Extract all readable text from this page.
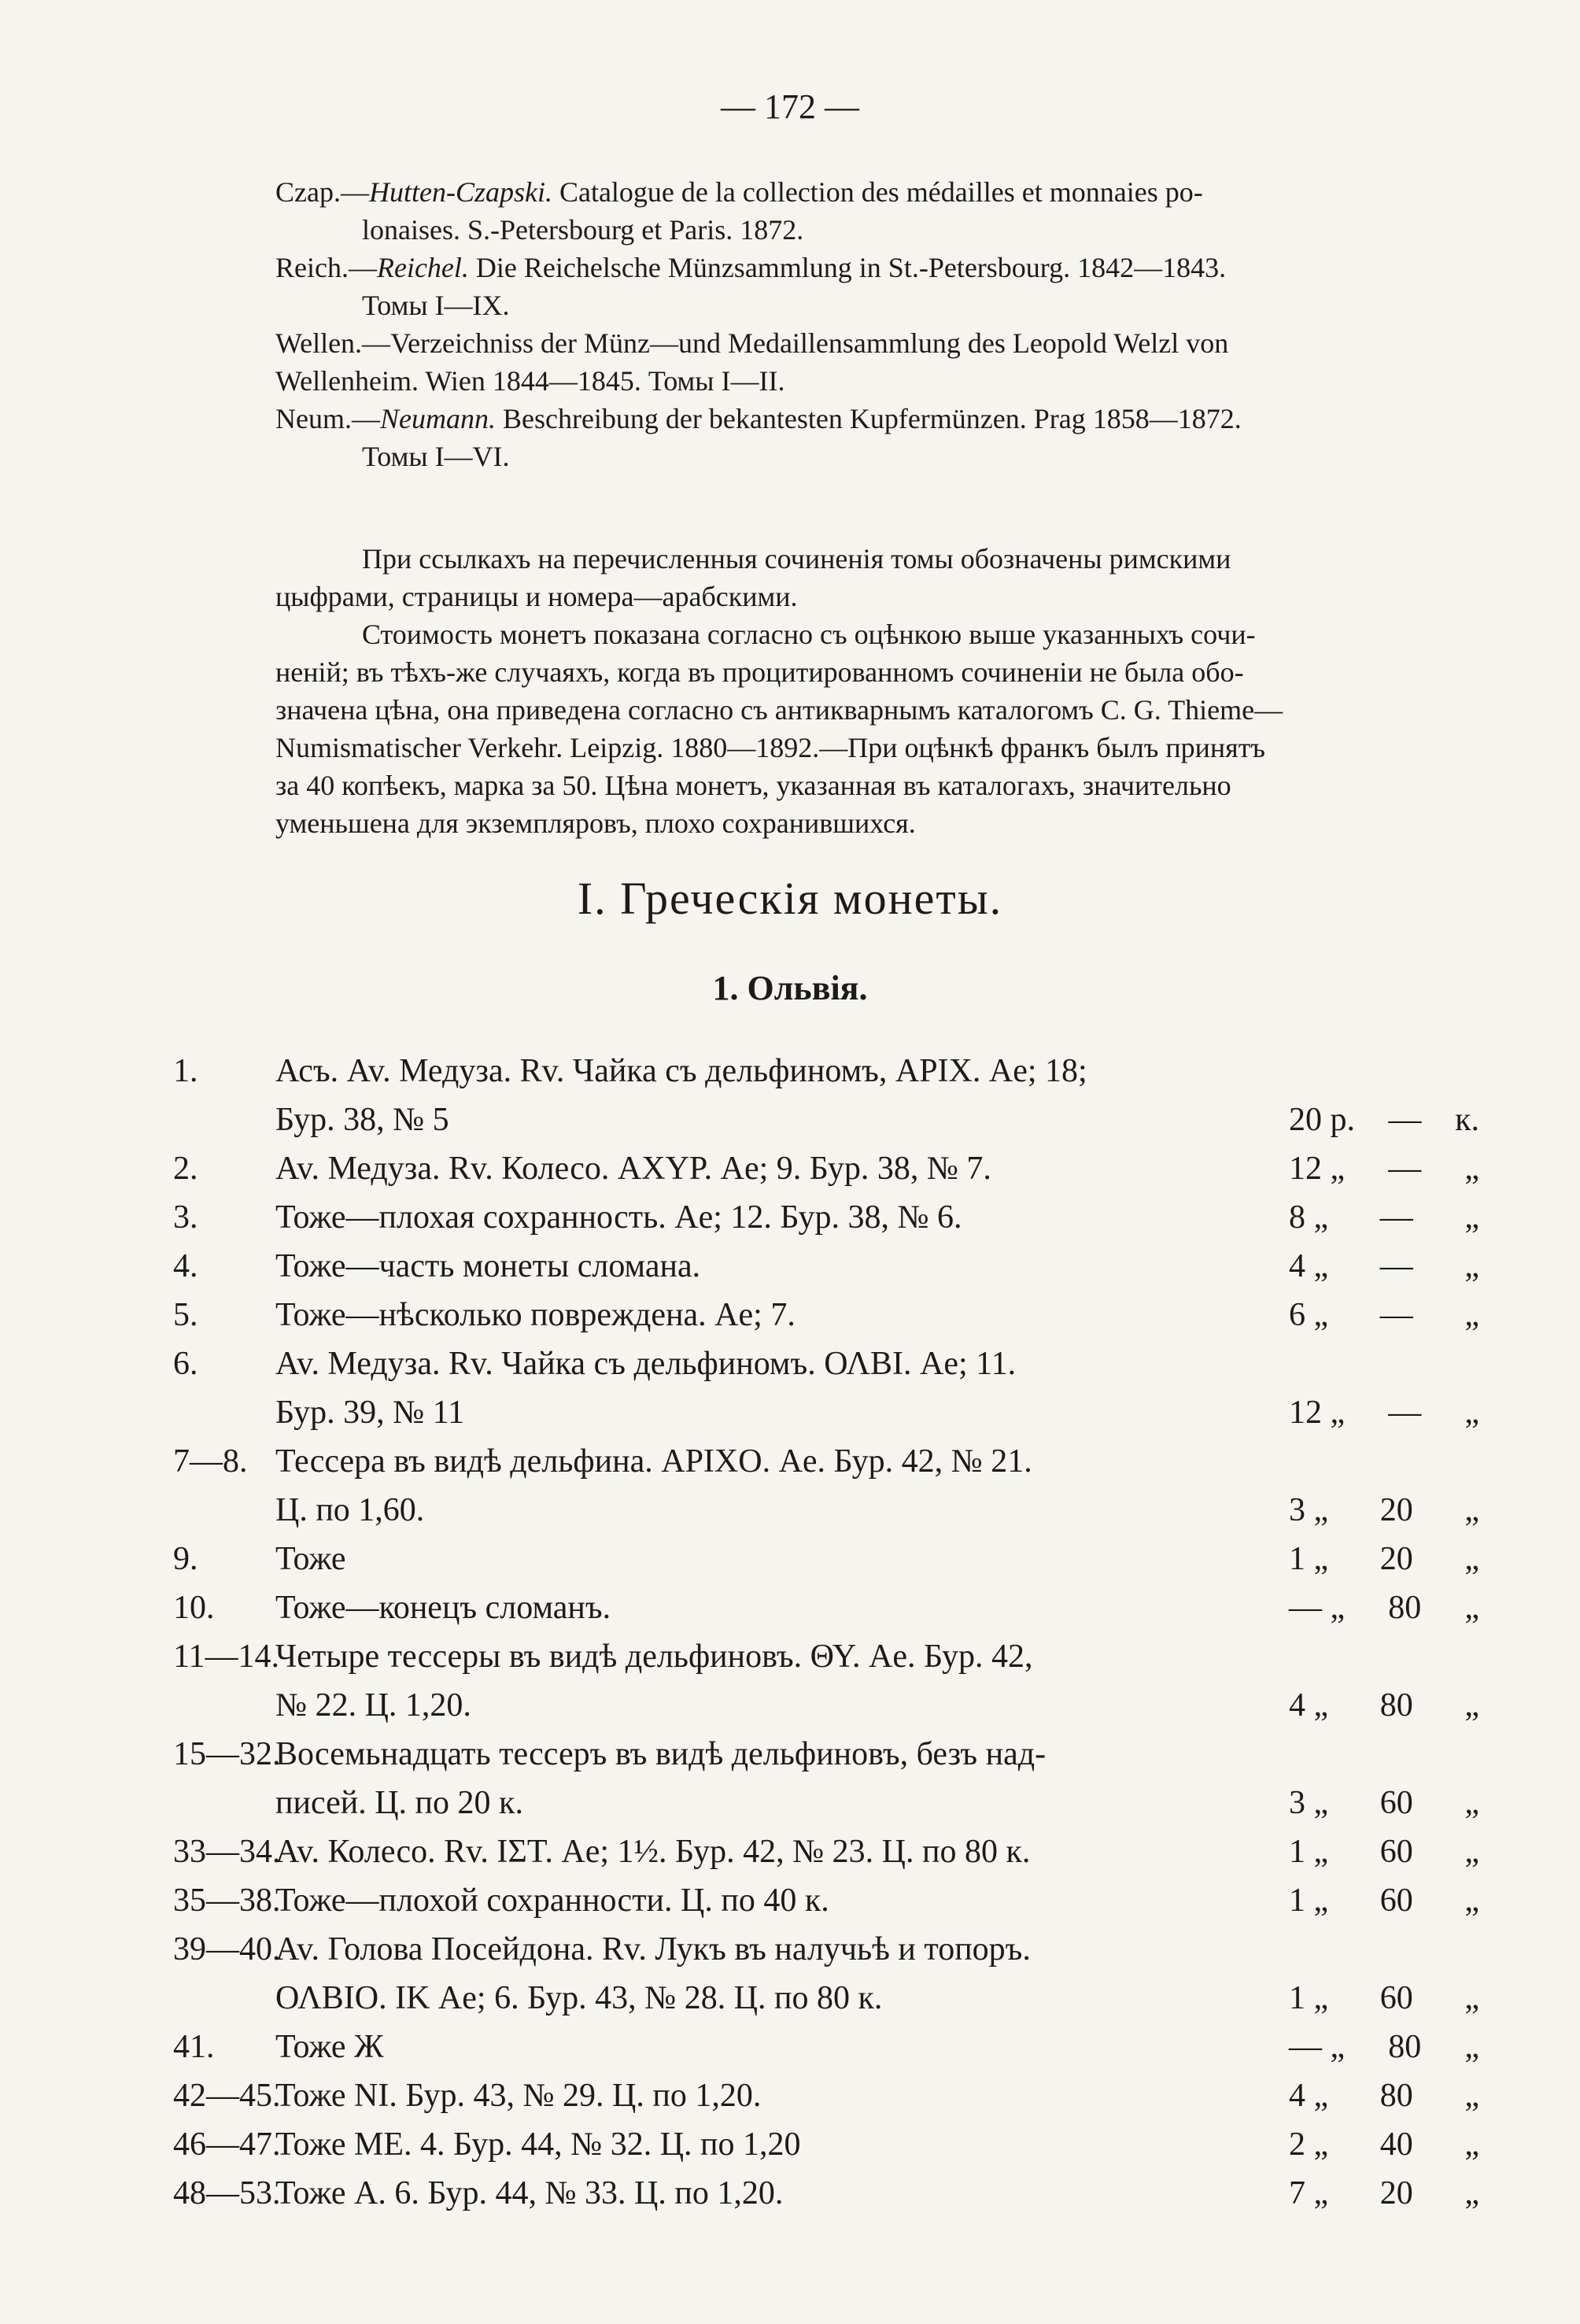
— 172 —

Czap.—Hutten-Czapski. Catalogue de la collection des médailles et monnaies po-

lonaises. S.-Petersbourg et Paris. 1872.

Reich.—Reichel. Die Reichelsche Münzsammlung in St.-Petersbourg. 1842—1843.

Томы I—IX.

Wellen.—Verzeichniss der Münz—und Medaillensammlung des Leopold Welzl von

Wellenheim. Wien 1844—1845. Томы I—II.

Neum.—Neumann. Beschreibung der bekantesten Kupfermünzen. Prag 1858—1872.

Томы I—VI.

При ссылкахъ на перечисленныя сочиненія томы обозначены римскими

цыфрами, страницы и номера—арабскими.

Стоимость монетъ показана согласно съ оцѣнкою выше указанныхъ сочи-

неній; въ тѣхъ-же случаяхъ, когда въ процитированномъ сочиненіи не была обо-

значена цѣна, она приведена согласно съ антикварнымъ каталогомъ C. G. Thieme—

Numismatischer Verkehr. Leipzig. 1880—1892.—При оцѣнкѣ франкъ былъ принятъ

за 40 копѣекъ, марка за 50. Цѣна монетъ, указанная въ каталогахъ, значительно

уменьшена для экземпляровъ, плохо сохранившихся.

I. Греческія монеты.
1. Ольвія.
1. Асъ. Av. Медуза. Rv. Чайка съ дельфиномъ, ΑΡΙΧ. Ae; 18;
Бур. 38, № 5	20 р. — к.
2. Av. Медуза. Rv. Колесо. ΑΧΥΡ. Ae; 9. Бур. 38, № 7.	12 „ — „
3. Тоже—плохая сохранность. Ae; 12. Бур. 38, № 6.	8 „ — „
4. Тоже—часть монеты сломана.	4 „ — „
5. Тоже—нѣсколько повреждена. Ae; 7.	6 „ — „
6. Av. Медуза. Rv. Чайка съ дельфиномъ. ΟΛΒΙ. Ae; 11.
Бур. 39, № 11	12 „ — „
7—8. Тессера въ видѣ дельфина. ΑΡΙΧΟ. Ae. Бур. 42, № 21.
Ц. по 1,60.	3 „ 20 „
9. Тоже	1 „ 20 „
10. Тоже—конецъ сломанъ.	— „ 80 „
11—14.
Четыре тессеры въ видѣ дельфиновъ. ΘΥ. Ae. Бур. 42,
№ 22. Ц. 1,20.	4 „ 80 „
15—32.
Восемьнадцать тессеръ въ видѣ дельфиновъ, безъ над-
писей. Ц. по 20 к.	3 „ 60 „
33—34.
Av. Колесо. Rv. ΙΣΤ. Ae; 1½. Бур. 42, № 23. Ц. по 80 к.	1 „ 60 „
35—38.
Тоже—плохой сохранности. Ц. по 40 к.	1 „ 60 „
39—40.
Av. Голова Посейдона. Rv. Лукъ въ налучьѣ и топоръ.
ΟΛΒΙΟ. ΙΚ Ae; 6. Бур. 43, № 28. Ц. по 80 к.	1 „ 60 „
41. Тоже Ж	— „ 80 „
42—45.
Тоже ΝΙ. Бур. 43, № 29. Ц. по 1,20.	4 „ 80 „
46—47.
Тоже ΜΕ. 4. Бур. 44, № 32. Ц. по 1,20	2 „ 40 „
48—53.
Тоже Α. 6. Бур. 44, № 33. Ц. по 1,20.	7 „ 20 „
